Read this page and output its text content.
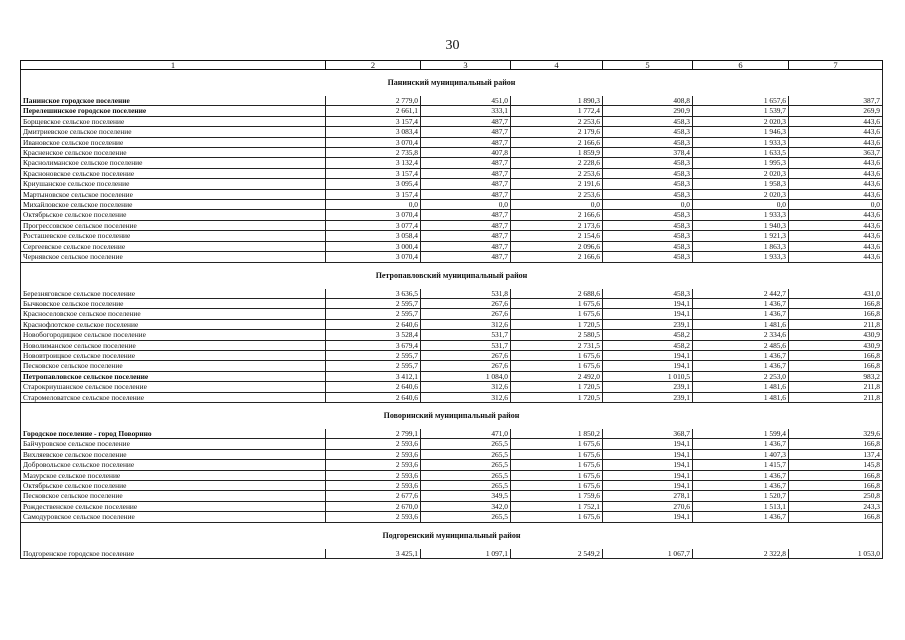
30
1	2	3	4	5	6	7
Панинский муниципальный район						
Панинское городское поселение	2 779,0	451,0	1 890,3	408,8	1 657,6	387,7
Перелешинское городское поселение	2 661,1	333,1	1 772,4	290,9	1 539,7	269,9
Борщевское сельское поселение	3 157,4	487,7	2 253,6	458,3	2 020,3	443,6
Дмитриевское сельское поселение	3 083,4	487,7	2 179,6	458,3	1 946,3	443,6
Ивановское сельское поселение	3 070,4	487,7	2 166,6	458,3	1 933,3	443,6
Красненское сельское поселение	2 735,8	407,8	1 859,9	378,4	1 633,5	363,7
Краснолиманское сельское поселение	3 132,4	487,7	2 228,6	458,3	1 995,3	443,6
Красноновское сельское поселение	3 157,4	487,7	2 253,6	458,3	2 020,3	443,6
Криушанское сельское поселение	3 095,4	487,7	2 191,6	458,3	1 958,3	443,6
Мартыновское сельское поселение	3 157,4	487,7	2 253,6	458,3	2 020,3	443,6
Михайловское сельское поселение	0,0	0,0	0,0	0,0	0,0	0,0
Октябрьское сельское поселение	3 070,4	487,7	2 166,6	458,3	1 933,3	443,6
Прогрессовское сельское поселение	3 077,4	487,7	2 173,6	458,3	1 940,3	443,6
Росташевское сельское поселение	3 058,4	487,7	2 154,6	458,3	1 921,3	443,6
Сергеевское сельское поселение	3 000,4	487,7	2 096,6	458,3	1 863,3	443,6
Чернявское сельское поселение	3 070,4	487,7	2 166,6	458,3	1 933,3	443,6
Петропавловский муниципальный район						
Березняговское сельское поселение	3 636,5	531,8	2 688,6	458,3	2 442,7	431,0
Бычковское сельское поселение	2 595,7	267,6	1 675,6	194,1	1 436,7	166,8
Красноселовское сельское поселение	2 595,7	267,6	1 675,6	194,1	1 436,7	166,8
Краснофлотское сельское поселение	2 640,6	312,6	1 720,5	239,1	1 481,6	211,8
Новобогородицкое сельское поселение	3 528,4	531,7	2 580,5	458,2	2 334,6	430,9
Новолиманское сельское поселение	3 679,4	531,7	2 731,5	458,2	2 485,6	430,9
Нововтроицкое сельское поселение	2 595,7	267,6	1 675,6	194,1	1 436,7	166,8
Песковское сельское поселение	2 595,7	267,6	1 675,6	194,1	1 436,7	166,8
Петропавловское сельское поселение	3 412,1	1 084,0	2 492,0	1 010,5	2 253,0	983,2
Старокриушанское сельское поселение	2 640,6	312,6	1 720,5	239,1	1 481,6	211,8
Старомеловатское сельское поселение	2 640,6	312,6	1 720,5	239,1	1 481,6	211,8
Поворинский муниципальный район						
Городское поселение - город Поворино	2 799,1	471,0	1 850,2	368,7	1 599,4	329,6
Байчуровское сельское поселение	2 593,6	265,5	1 675,6	194,1	1 436,7	166,8
Вихляевское сельское поселение	2 593,6	265,5	1 675,6	194,1	1 407,3	137,4
Добровольское сельское поселение	2 593,6	265,5	1 675,6	194,1	1 415,7	145,8
Мазурское сельское поселение	2 593,6	265,5	1 675,6	194,1	1 436,7	166,8
Октябрьское сельское поселение	2 593,6	265,5	1 675,6	194,1	1 436,7	166,8
Песковское сельское поселение	2 677,6	349,5	1 759,6	278,1	1 520,7	250,8
Рождественское сельское поселение	2 670,0	342,0	1 752,1	270,6	1 513,1	243,3
Самодуровское сельское поселение	2 593,6	265,5	1 675,6	194,1	1 436,7	166,8
Подгоренский муниципальный район						
Подгоренское городское поселение	3 425,1	1 097,1	2 549,2	1 067,7	2 322,8	1 053,0
